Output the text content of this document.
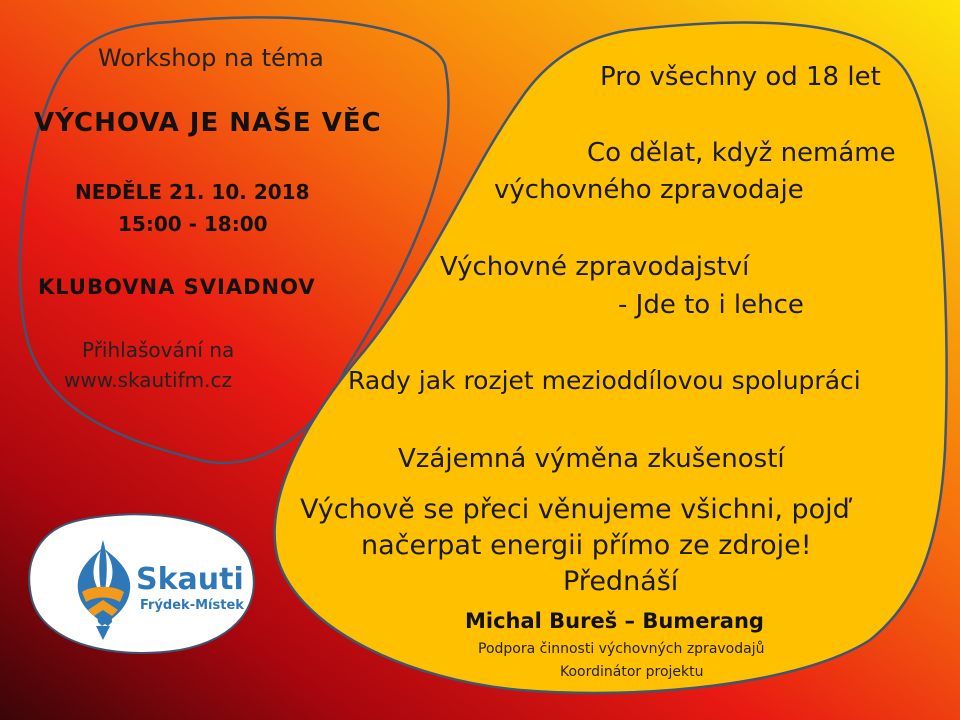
Workshop na téma

VÝCHOVA JE NAŠE VĚC

NEDĚLE 21. 10. 2018

15:00 - 18:00

KLUBOVNA SVIADNOV

Přihlašování na

www.skautifm.cz

Skauti
Frýdek-Místek

Pro všechny od 18 let

Co dělat, když nemáme

výchovného zpravodaje

Výchovné zpravodajství

- Jde to i lehce

Rady jak rozjet mezioddílovou spolupráci

Vzájemná výměna zkušeností

Výchově se přeci věnujeme všichni, pojď

načerpat energii přímo ze zdroje!

Přednáší

Michal Bureš – Bumerang

Podpora činnosti výchovných zpravodajů

Koordinátor projektu
